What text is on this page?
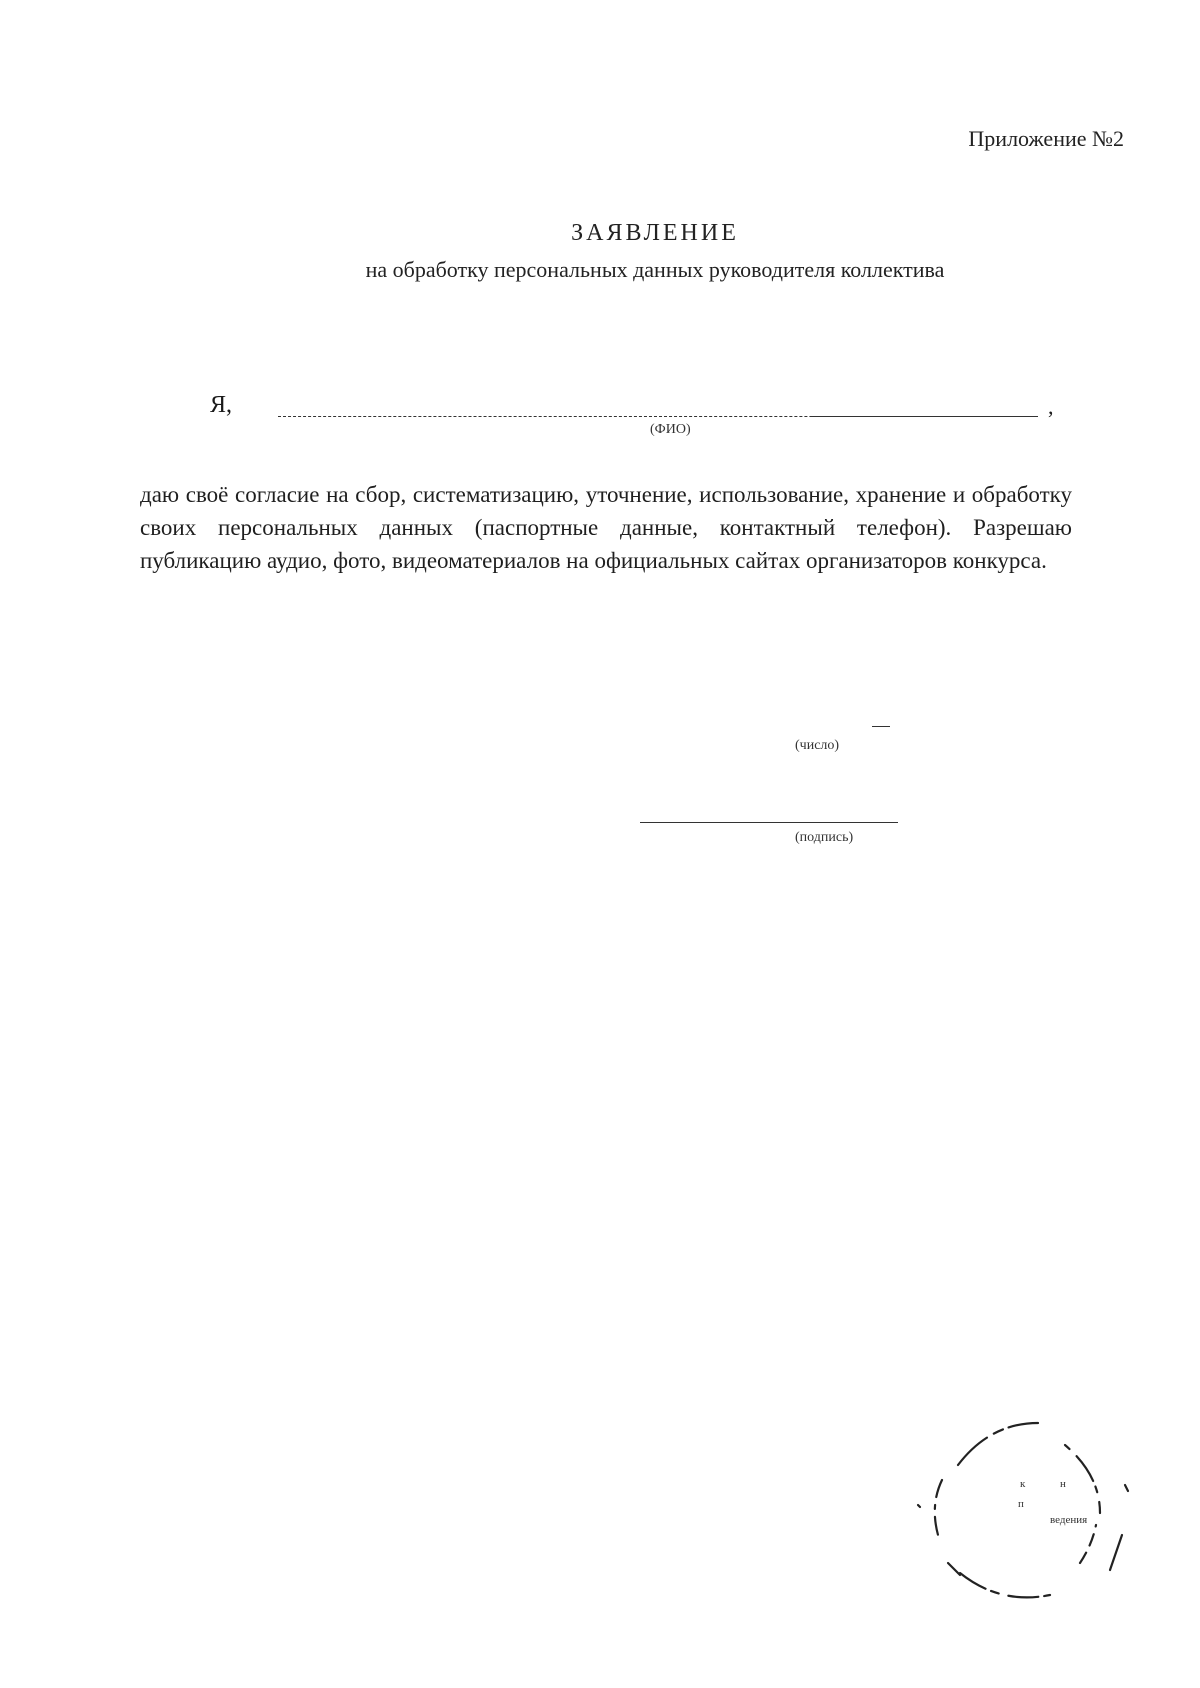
Приложение №2
ЗАЯВЛЕНИЕ
на обработку персональных данных руководителя коллектива
Я,	,
(ФИО)
даю своё согласие на сбор, систематизацию, уточнение, использование, хранение и обработку своих персональных данных (паспортные данные, контактный телефон). Разрешаю публикацию аудио, фото, видеоматериалов на официальных сайтах организаторов конкурса.
(число)
(подпись)
к	н
п
ведения
